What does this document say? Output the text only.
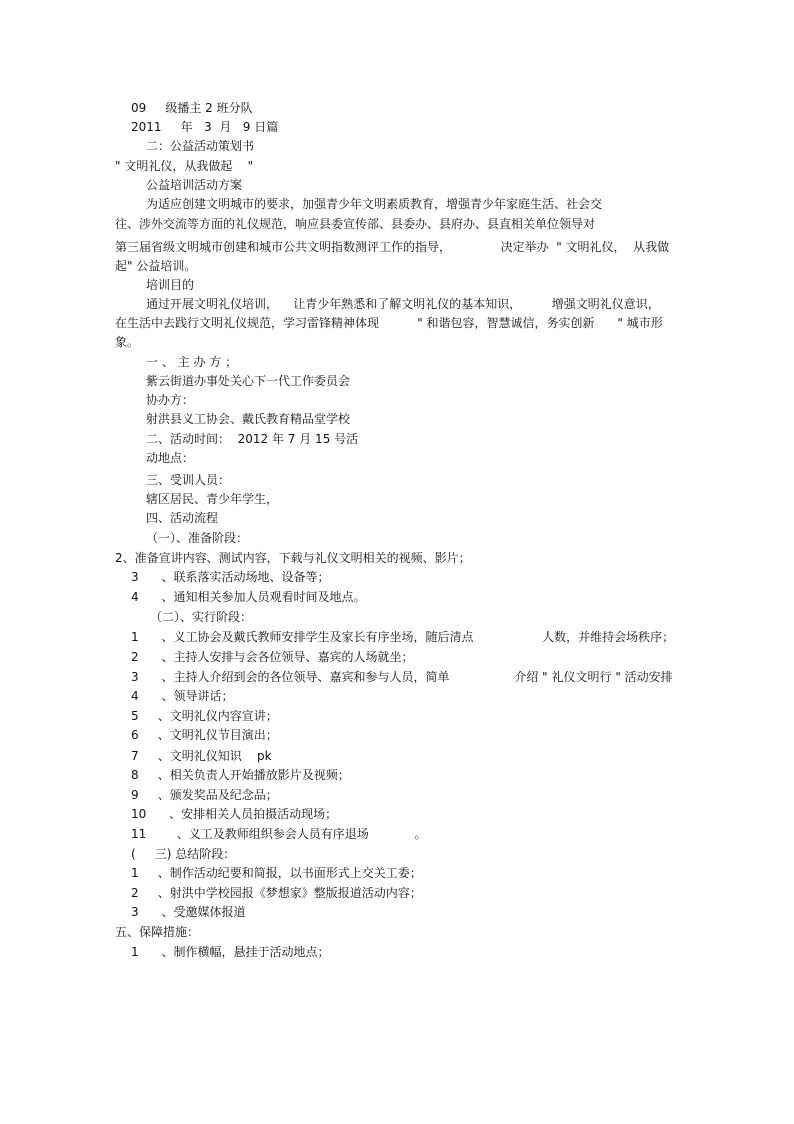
09     级播主 2 班分队
2011     年   3  月   9 日篇
二：公益活动策划书
" 文明礼仪，从我做起    "
公益培训活动方案
为适应创建文明城市的要求，加强青少年文明素质教育，增强青少年家庭生活、社会交
往、涉外交流等方面的礼仪规范，响应县委宣传部、县委办、县府办、县直相关单位领导对
第三届省级文明城市创建和城市公共文明指数测评工作的指导，             决定举办  " 文明礼仪，  从我做
起" 公益培训。
培训目的
通过开展文明礼仪培训，    让青少年熟悉和了解文明礼仪的基本知识，        增强文明礼仪意识，
在生活中去践行文明礼仪规范，学习雷锋精神体现          " 和谐包容，智慧诚信，务实创新      " 城市形
象。
一 、 主 办 方 ；
紫云街道办事处关心下一代工作委员会
协办方：
射洪县义工协会、戴氏教育精品堂学校
二、活动时间：  2012 年 7 月 15 号活
动地点：
三、受训人员：
辖区居民、青少年学生，
四、活动流程
（一）、准备阶段：
2、准备宣讲内容、测试内容，下载与礼仪文明相关的视频、影片；
3      、联系落实活动场地、设备等；
4      、通知相关参加人员观看时间及地点。
（二）、实行阶段：
1      、义工协会及戴氏教师安排学生及家长有序坐场，随后清点                  人数，并维持会场秩序；
2      、主持人安排与会各位领导、嘉宾的人场就坐；
3      、主持人介绍到会的各位领导、嘉宾和参与人员，简单                 介绍 " 礼仪文明行 " 活动安排
4      、领导讲话；
5     、文明礼仪内容宣讲；
6     、文明礼仪节目演出；
7     、文明礼仪知识    pk
8     、相关负责人开始播放影片及视频；
9     、颁发奖品及纪念品；
10      、安排相关人员拍摄活动现场；
11        、义工及教师组织参会人员有序退场            。
(     三) 总结阶段：
1     、制作活动纪要和简报，以书面形式上交关工委；
2     、射洪中学校园报《梦想家》整版报道活动内容；
3      、受邀媒体报道
五、保障措施：
1      、制作横幅，悬挂于活动地点；
